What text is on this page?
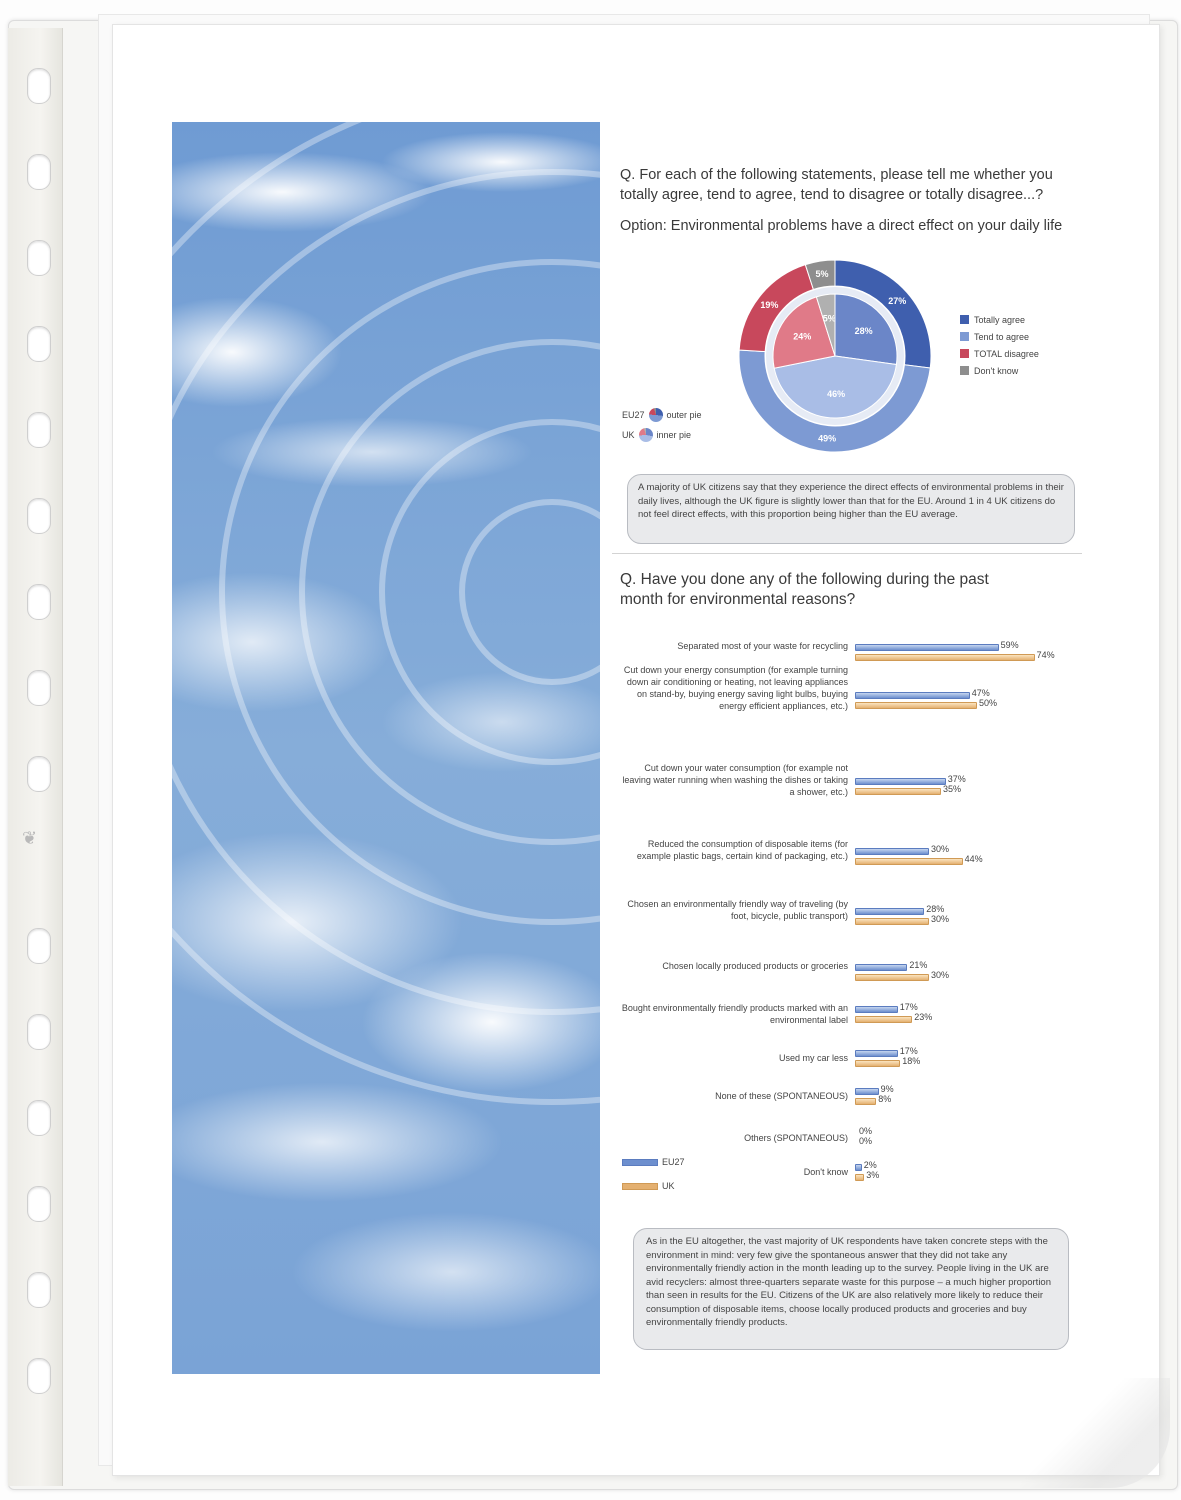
❦
Q. For each of the following statements, please tell me whether you totally agree, tend to agree, tend to disagree or totally disagree...?
Option: Environmental problems have a direct effect on your daily life
27%
49%
19%
5%
28%
46%
24%
5%	Totally agree
Tend to agree
TOTAL disagree
Don't know
EU27 outer pie
UK inner pie
A majority of UK citizens say that they experience the direct effects of environmental problems in their daily lives, although the UK figure is slightly lower than that for the EU. Around 1 in 4 UK citizens do not feel direct effects, with this proportion being higher than the EU average.
Q. Have you done any of the following during the past month for environmental reasons?
Separated most of your waste for recycling	59%
74%
Cut down your energy consumption (for example turning down air conditioning or heating, not leaving appliances on stand-by, buying energy saving light bulbs, buying energy efficient appliances, etc.)
47%
50%
Cut down your water consumption (for example not leaving water running when washing the dishes or taking a shower, etc.)
37%
35%
Reduced the consumption of disposable items (for example plastic bags, certain kind of packaging, etc.)
30%
44%
Chosen an environmentally friendly way of traveling (by foot, bicycle, public transport)
28%
30%
Chosen locally produced products or groceries	21%
30%
Bought environmentally friendly products marked with an environmental label
17%
23%
Used my car less
17%
18%
None of these (SPONTANEOUS)
9%
8%
Others (SPONTANEOUS)
0%
0%
Don't know
2%
3%
EU27
UK
As in the EU altogether, the vast majority of UK respondents have taken concrete steps with the environment in mind: very few give the spontaneous answer that they did not take any environmentally friendly action in the month leading up to the survey. People living in the UK are avid recyclers: almost three-quarters separate waste for this purpose – a much higher proportion than seen in results for the EU. Citizens of the UK are also relatively more likely to reduce their consumption of disposable items, choose locally produced products and groceries and buy environmentally friendly products.
